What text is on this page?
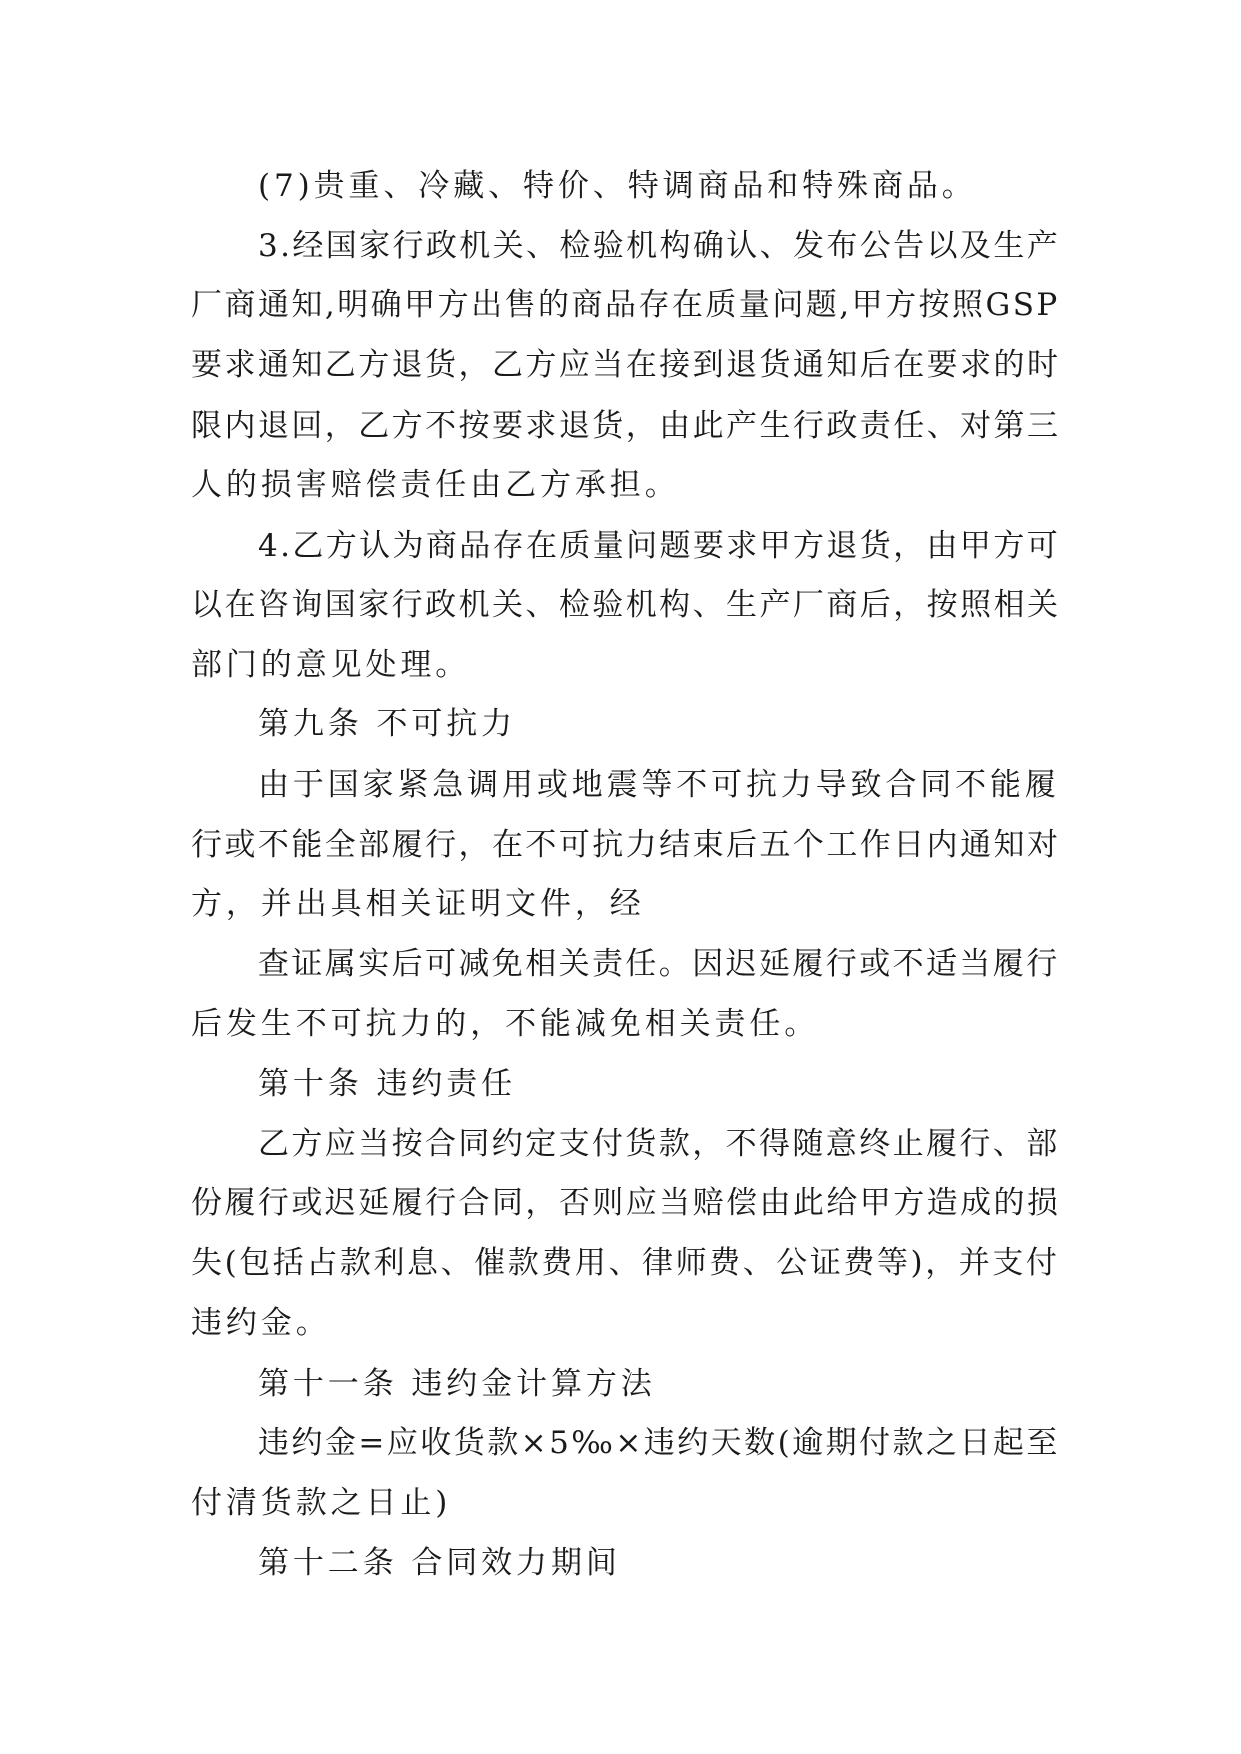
(7)贵重、冷藏、特价、特调商品和特殊商品。
3.经国家行政机关、检验机构确认、发布公告以及生产
厂商通知,明确甲方出售的商品存在质量问题,甲方按照GSP
要求通知乙方退货，乙方应当在接到退货通知后在要求的时
限内退回，乙方不按要求退货，由此产生行政责任、对第三
人的损害赔偿责任由乙方承担。
4.乙方认为商品存在质量问题要求甲方退货，由甲方可
以在咨询国家行政机关、检验机构、生产厂商后，按照相关
部门的意见处理。
第九条 不可抗力
由于国家紧急调用或地震等不可抗力导致合同不能履
行或不能全部履行，在不可抗力结束后五个工作日内通知对
方，并出具相关证明文件，经
查证属实后可减免相关责任。因迟延履行或不适当履行
后发生不可抗力的，不能减免相关责任。
第十条 违约责任
乙方应当按合同约定支付货款，不得随意终止履行、部
份履行或迟延履行合同，否则应当赔偿由此给甲方造成的损
失(包括占款利息、催款费用、律师费、公证费等)，并支付
违约金。
第十一条 违约金计算方法
违约金=应收货款×5‰×违约天数(逾期付款之日起至
付清货款之日止)
第十二条 合同效力期间
